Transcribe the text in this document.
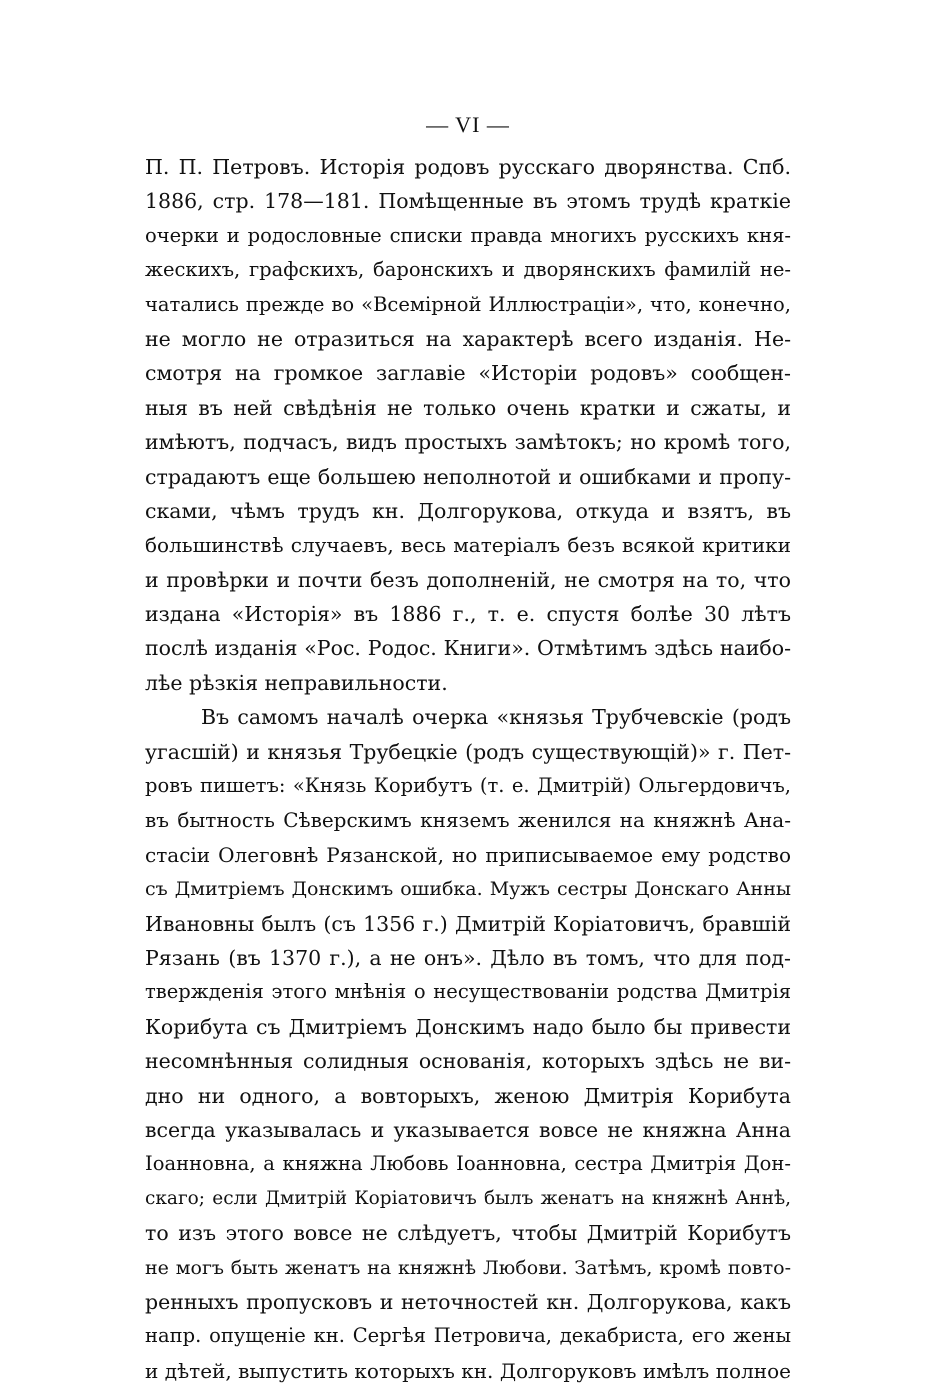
— VI —
П. П. Петровъ. Исторія родовъ русскаго дворянства. Спб.
1886, стр. 178—181. Помѣщенные въ этомъ трудѣ краткіе
очерки и родословные списки правда многихъ русскихъ кня-
жескихъ, графскихъ, баронскихъ и дворянскихъ фамилій не-
чатались прежде во «Всемірной Иллюстраціи», что, конечно,
не могло не отразиться на характерѣ всего изданія. Не-
смотря на громкое заглавіе «Исторіи родовъ» сообщен-
ныя въ ней свѣдѣнія не только очень кратки и сжаты, и
имѣютъ, подчасъ, видъ простыхъ замѣтокъ; но кромѣ того,
страдаютъ еще большею неполнотой и ошибками и пропу-
сками, чѣмъ трудъ кн. Долгорукова, откуда и взятъ, въ
большинствѣ случаевъ, весь матеріалъ безъ всякой критики
и провѣрки и почти безъ дополненій, не смотря на то, что
издана «Исторія» въ 1886 г., т. е. спустя болѣе 30 лѣтъ
послѣ изданія «Рос. Родос. Книги». Отмѣтимъ здѣсь наибо-
лѣе рѣзкія неправильности.
Въ самомъ началѣ очерка «князья Трубчевскіе (родъ
угасшій) и князья Трубецкіе (родъ существующій)» г. Пет-
ровъ пишетъ: «Князь Корибутъ (т. е. Дмитрій) Ольгердовичъ,
въ бытность Сѣверскимъ княземъ женился на княжнѣ Ана-
стасіи Олеговнѣ Рязанской, но приписываемое ему родство
съ Дмитріемъ Донскимъ ошибка. Мужъ сестры Донскаго Анны
Ивановны былъ (съ 1356 г.) Дмитрій Коріатовичъ, бравшій
Рязань (въ 1370 г.), а не онъ». Дѣло въ томъ, что для под-
твержденія этого мнѣнія о несуществованіи родства Дмитрія
Корибута съ Дмитріемъ Донскимъ надо было бы привести
несомнѣнныя солидныя основанія, которыхъ здѣсь не ви-
дно ни одного, а вовторыхъ, женою Дмитрія Корибута
всегда указывалась и указывается вовсе не княжна Анна
Іоанновна, а княжна Любовь Іоанновна, сестра Дмитрія Дон-
скаго; если Дмитрій Коріатовичъ былъ женатъ на княжнѣ Аннѣ,
то изъ этого вовсе не слѣдуетъ, чтобы Дмитрій Корибутъ
не могъ быть женатъ на княжнѣ Любови. Затѣмъ, кромѣ повто-
ренныхъ пропусковъ и неточностей кн. Долгорукова, какъ
напр. опущеніе кн. Сергѣя Петровича, декабриста, его жены
и дѣтей, выпустить которыхъ кн. Долгоруковъ имѣлъ полное
